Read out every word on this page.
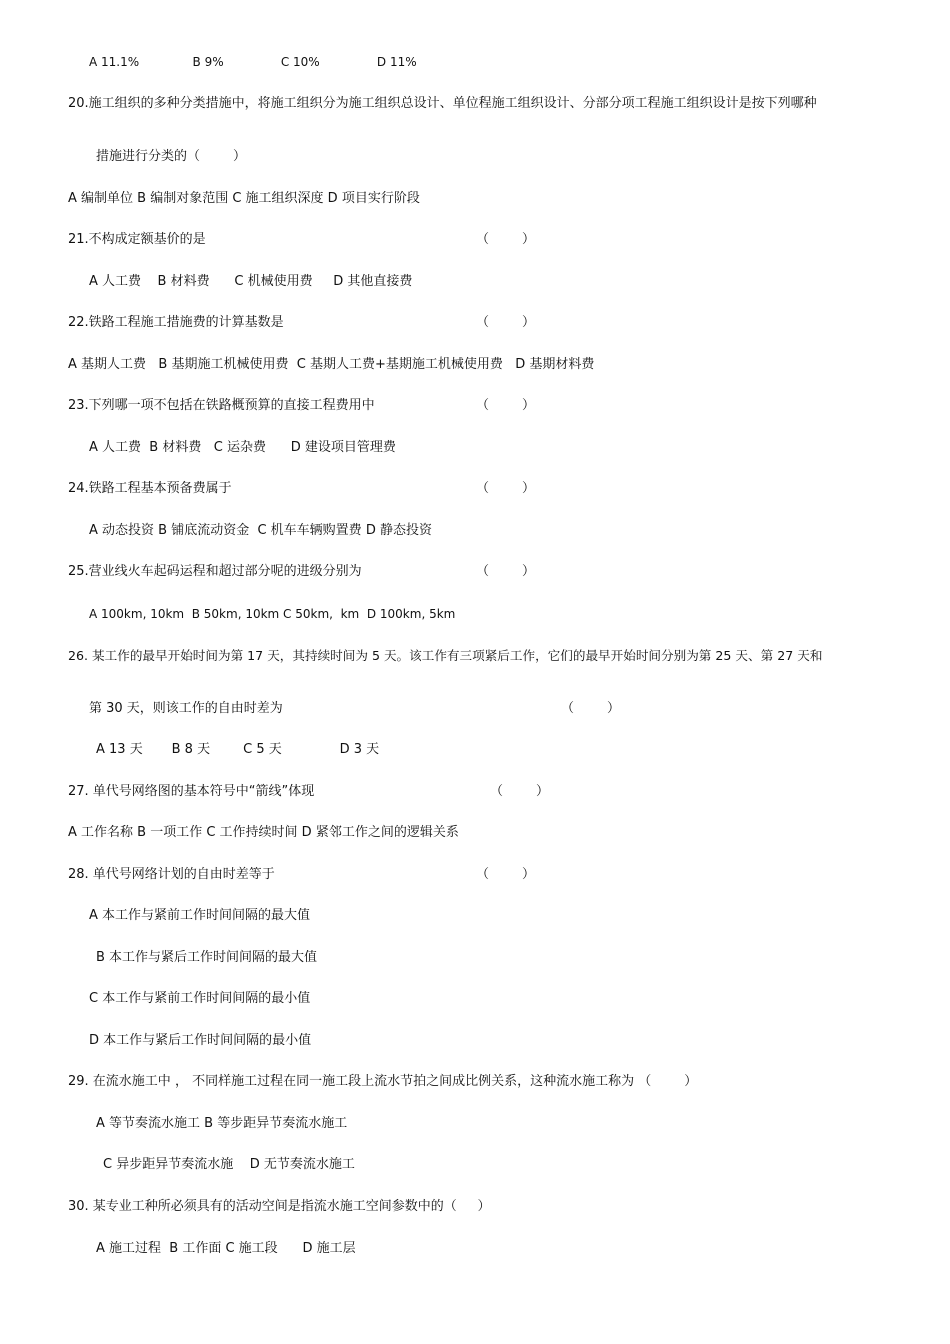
A 11.1%              B 9%               C 10%               D 11%
20.施工组织的多种分类措施中，将施工组织分为施工组织总设计、单位程施工组织设计、分部分项工程施工组织设计是按下列哪种
措施进行分类的（        ）
A 编制单位 B 编制对象范围 C 施工组织深度 D 项目实行阶段
21.不构成定额基价的是	（        ）
A 人工费    B 材料费      C 机械使用费     D 其他直接费
22.铁路工程施工措施费的计算基数是	（        ）
A 基期人工费   B 基期施工机械使用费  C 基期人工费+基期施工机械使用费   D 基期材料费
23.下列哪一项不包括在铁路概预算的直接工程费用中	（        ）
A 人工费  B 材料费   C 运杂费      D 建设项目管理费
24.铁路工程基本预备费属于	（        ）
A 动态投资 B 铺底流动资金  C 机车车辆购置费 D 静态投资
25.营业线火车起码运程和超过部分呢的进级分别为	（        ）
A 100km, 10km  B 50km, 10km C 50km,  km  D 100km, 5km
26. 某工作的最早开始时间为第 17 天，其持续时间为 5 天。该工作有三项紧后工作，它们的最早开始时间分别为第 25 天、第 27 天和
第 30 天，则该工作的自由时差为	（        ）
A 13 天       B 8 天        C 5 天              D 3 天
27. 单代号网络图的基本符号中“箭线”体现	（        ）
A 工作名称 B 一项工作 C 工作持续时间 D 紧邻工作之间的逻辑关系
28. 单代号网络计划的自由时差等于	（        ）
A 本工作与紧前工作时间间隔的最大值
B 本工作与紧后工作时间间隔的最大值
C 本工作与紧前工作时间间隔的最小值
D 本工作与紧后工作时间间隔的最小值
29. 在流水施工中 ， 不同样施工过程在同一施工段上流水节拍之间成比例关系，这种流水施工称为 （        ）
A 等节奏流水施工 B 等步距异节奏流水施工
C 异步距异节奏流水施    D 无节奏流水施工
30. 某专业工种所必须具有的活动空间是指流水施工空间参数中的（     ）
A 施工过程  B 工作面 C 施工段      D 施工层
